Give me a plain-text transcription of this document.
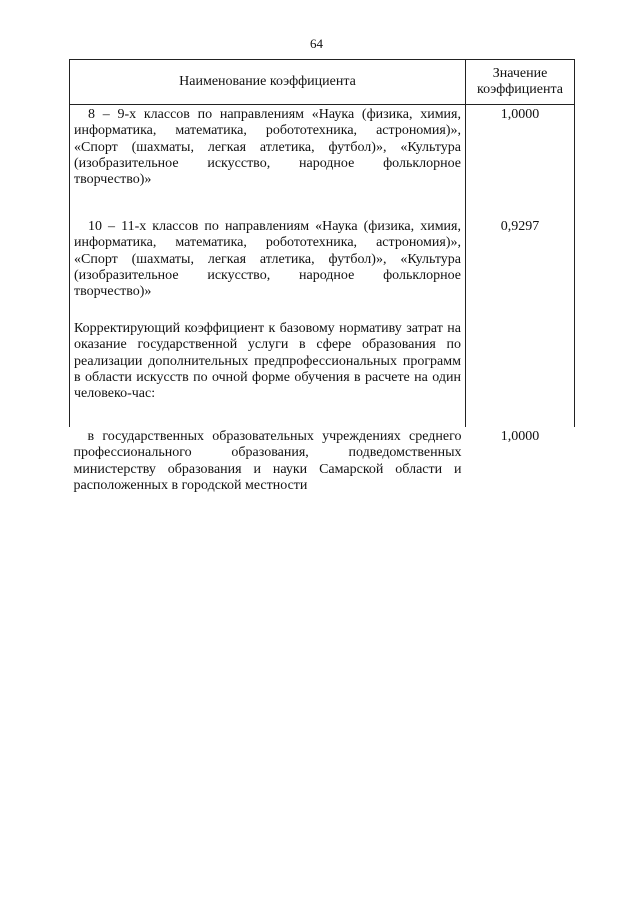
64
Наименование коэффициента	Значение коэффициента
8 – 9-х классов по направлениям «Наука (физика, химия, информатика, математика, робототехника, астрономия)», «Спорт (шахматы, легкая атлетика, футбол)», «Культура (изобразительное искусство, народное фольклорное творчество)»	1,0000
10 – 11-х классов по направлениям «Наука (физика, химия, информатика, математика, робототехника, астрономия)», «Спорт (шахматы, легкая атлетика, футбол)», «Культура (изобразительное искусство, народное фольклорное творчество)»	0,9297
Корректирующий коэффициент к базовому нормативу затрат на оказание государственной услуги в сфере образования по реализации дополнительных предпрофессиональных программ в области искусств по очной форме обучения в расчете на один человеко-час:	
в государственных образовательных учреждениях среднего профессионального образования, подведомственных министерству образования и науки Самарской области и расположенных в городской местности	1,0000
